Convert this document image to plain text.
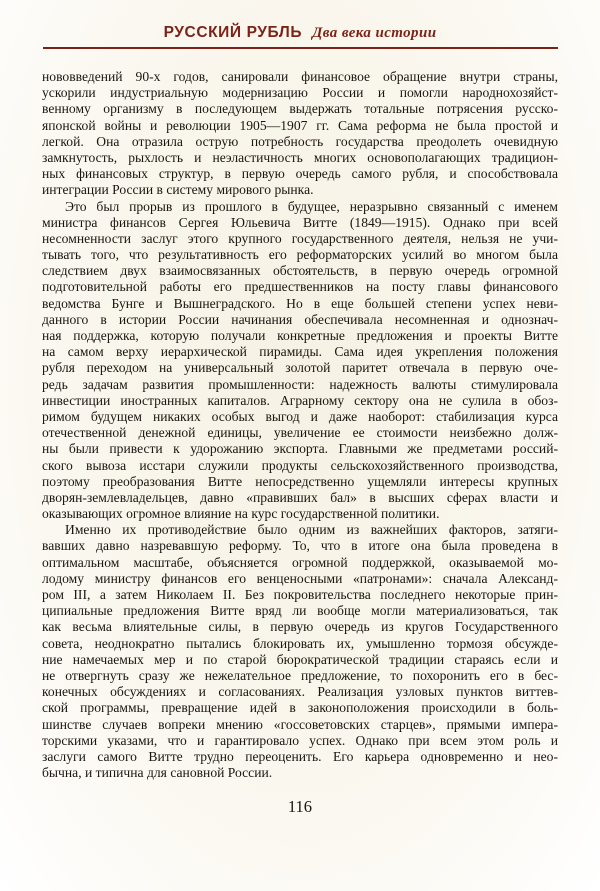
РУССКИЙ РУБЛЬ Два века истории
нововведений 90-х годов, санировали финансовое обращение внутри страны,
ускорили индустриальную модернизацию России и помогли народнохозяйст-
венному организму в последующем выдержать тотальные потрясения русско-
японской войны и революции 1905—1907 гг. Сама реформа не была простой и
легкой. Она отразила острую потребность государства преодолеть очевидную
замкнутость, рыхлость и неэластичность многих основополагающих традицион-
ных финансовых структур, в первую очередь самого рубля, и способствовала
интеграции России в систему мирового рынка.
Это был прорыв из прошлого в будущее, неразрывно связанный с именем
министра финансов Сергея Юльевича Витте (1849—1915). Однако при всей
несомненности заслуг этого крупного государственного деятеля, нельзя не учи-
тывать того, что результативность его реформаторских усилий во многом была
следствием двух взаимосвязанных обстоятельств, в первую очередь огромной
подготовительной работы его предшественников на посту главы финансового
ведомства Бунге и Вышнеградского. Но в еще большей степени успех неви-
данного в истории России начинания обеспечивала несомненная и однознач-
ная поддержка, которую получали конкретные предложения и проекты Витте
на самом верху иерархической пирамиды. Сама идея укрепления положения
рубля переходом на универсальный золотой паритет отвечала в первую оче-
редь задачам развития промышленности: надежность валюты стимулировала
инвестиции иностранных капиталов. Аграрному сектору она не сулила в обоз-
римом будущем никаких особых выгод и даже наоборот: стабилизация курса
отечественной денежной единицы, увеличение ее стоимости неизбежно долж-
ны были привести к удорожанию экспорта. Главными же предметами россий-
ского вывоза исстари служили продукты сельскохозяйственного производства,
поэтому преобразования Витте непосредственно ущемляли интересы крупных
дворян-землевладельцев, давно «правивших бал» в высших сферах власти и
оказывающих огромное влияние на курс государственной политики.
Именно их противодействие было одним из важнейших факторов, затяги-
вавших давно назревавшую реформу. То, что в итоге она была проведена в
оптимальном масштабе, объясняется огромной поддержкой, оказываемой мо-
лодому министру финансов его венценосными «патронами»: сначала Александ-
ром III, а затем Николаем II. Без покровительства последнего некоторые прин-
ципиальные предложения Витте вряд ли вообще могли материализоваться, так
как весьма влиятельные силы, в первую очередь из кругов Государственного
совета, неоднократно пытались блокировать их, умышленно тормозя обсужде-
ние намечаемых мер и по старой бюрократической традиции стараясь если и
не отвергнуть сразу же нежелательное предложение, то похоронить его в бес-
конечных обсуждениях и согласованиях. Реализация узловых пунктов виттев-
ской программы, превращение идей в законоположения происходили в боль-
шинстве случаев вопреки мнению «госсоветовских старцев», прямыми импера-
торскими указами, что и гарантировало успех. Однако при всем этом роль и
заслуги самого Витте трудно переоценить. Его карьера одновременно и нео-
бычна, и типична для сановной России.
116
